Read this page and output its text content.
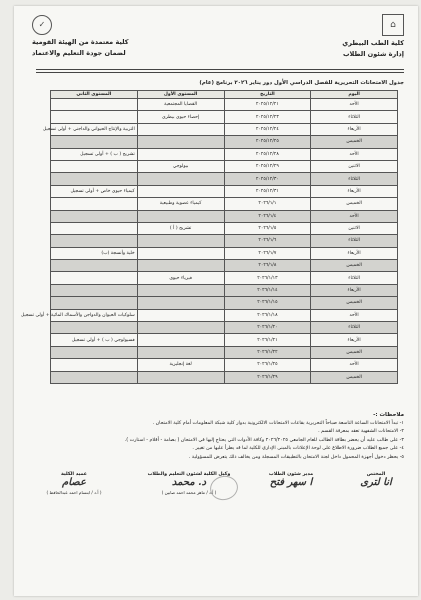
⌂
كلية الطب البيطري
إدارة شئون الطلاب
✓
كلية معتمدة من الهيئة القومية
لضمان جودة التعليم والاعتماد
جدول الامتحانات التحريرية للفصل الدراسي الأول دور يناير ٢٠٢٦ برنامج (عام)
اليوم	التاريخ	المستوى الأول	المستوى الثاني
الأحد	٢٠٢٥/١٢/٢١	القضايا المجتمعية	
الثلاثاء	٢٠٢٥/١٢/٢٣	إحصاء حيوي بيطري	
الأربعاء	٢٠٢٥/١٢/٢٤		التربية والإنتاج الحيواني والداجني + أولى تسجيل
الخميس	٢٠٢٥/١٢/٢٥		
الأحد	٢٠٢٥/١٢/٢٨		تشريح ( ب ) + أولى تسجيل
الاثنين	٢٠٢٥/١٢/٢٩	بيولوجي	
الثلاثاء	٢٠٢٥/١٢/٣٠		
الأربعاء	٢٠٢٥/١٢/٣١		كيمياء حيوي خاص + أولى تسجيل
الخميس	٢٠٢٦/١/١	كيمياء عضوية وطبيعية	
الأحد	٢٠٢٦/١/٤		
الاثنين	٢٠٢٦/١/٥	تشريح ( أ )	
الثلاثاء	٢٠٢٦/١/٦		
الأربعاء	٢٠٢٦/١/٧		خلية وأنسجة (ب)
الخميس	٢٠٢٦/١/٨		
الثلاثاء	٢٠٢٦/١/١٣	فيزياء حيوي	
الأربعاء	٢٠٢٦/١/١٤		
الخميس	٢٠٢٦/١/١٥		
الأحد	٢٠٢٦/١/١٨		سلوكيات الحيوان والدواجن والأسماك المائية + أولى تسجيل
الثلاثاء	٢٠٢٦/١/٢٠		
الأربعاء	٢٠٢٦/١/٢١		فسيولوجي ( ب ) + أولى تسجيل
الخميس	٢٠٢٦/١/٢٢		
الأحد	٢٠٢٦/١/٢٥	لغة إنجليزية	
الخميس	٢٠٢٦/١/٢٩		
ملاحظات :-
١- تبدأ الامتحانات الساعة التاسعة صباحاً التحريرية بقاعات الامتحانات الالكترونية بدوار كلية شبكة المعلومات أمام كلية الامتحان .
٢- الامتحانات الشفهية تعقد بمعرفة القسم .
٣- على طالب عليه أن يحضر بطاقة الطالب للعام الجامعي ٢٠٢٦/٢٠٢٥ وكافة الأدوات التي يحتاج إليها في الامتحان ( بصامة - أقلام - استارت ).
٤- على جميع الطلاب ضرورة الاطلاع على لوحة الإعلانات بالمبنى الإداري للكلية لما قد يطرأ عليها من تغيير .
٥- يحظر دخول أجهزة المحمول داخل لجنة الامتحان بالتطبيقات المسجلة ومن يخالف ذلك يتعرض للمسؤولية .
المختص
ﺍﻧﺎ ﻟﺘﺮﻯ
مدير شئون الطلاب
ﺍ ﺳﻬﺮ ﻓﺘﺢ
وكيل الكلية لشئون التعليم والطلاب
ﺩ. ﻣﺤﻤﺪ
( أ.د / ماهر محمد احمد صابين )
عميد الكلية
ﻋﺼﺎﻡ
( أ.د / ابتسام احمد عبدالحافظ )
